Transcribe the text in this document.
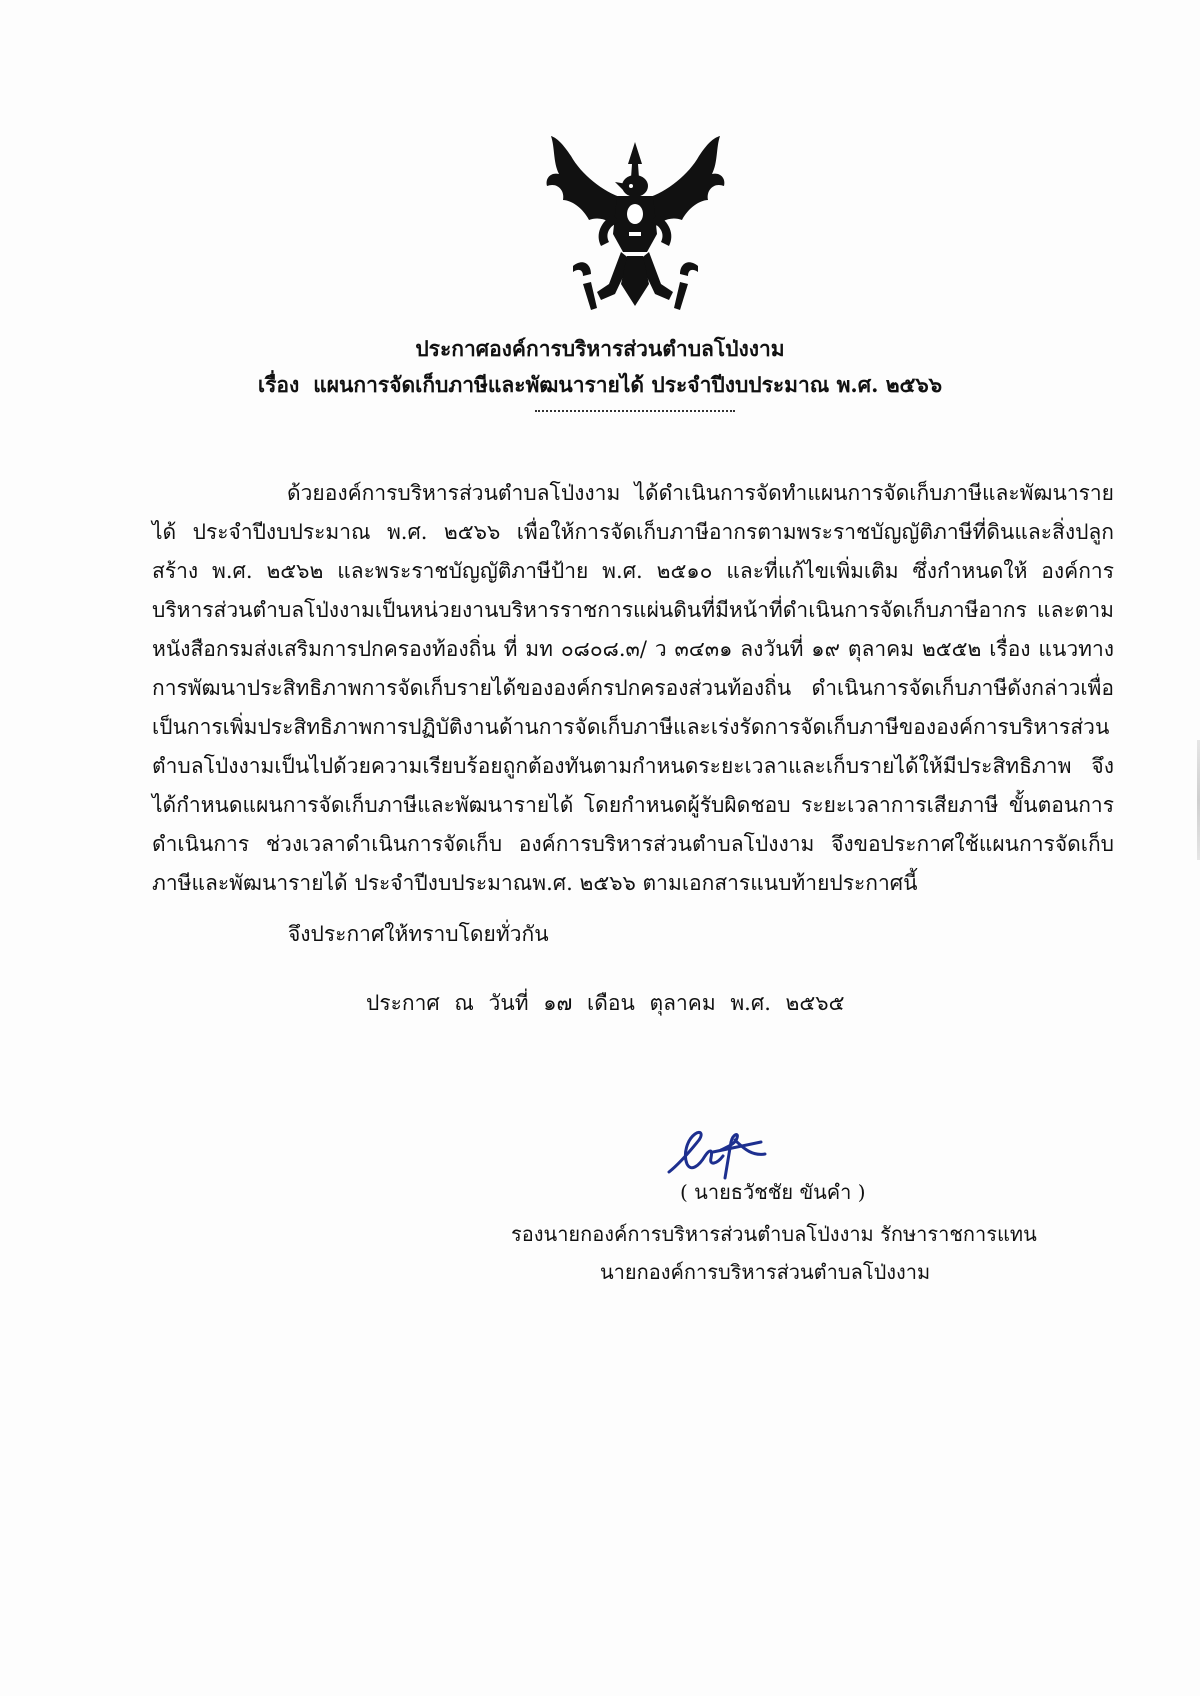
ประกาศองค์การบริหารส่วนตำบลโป่งงาม
เรื่อง แผนการจัดเก็บภาษีและพัฒนารายได้ ประจำปีงบประมาณ พ.ศ. ๒๕๖๖
ด้วยองค์การบริหารส่วนตำบลโป่งงาม ได้ดำเนินการจัดทำแผนการจัดเก็บภาษีและพัฒนารายได้ ประจำปีงบประมาณ พ.ศ. ๒๕๖๖ เพื่อให้การจัดเก็บภาษีอากรตามพระราชบัญญัติภาษีที่ดินและสิ่งปลูกสร้าง พ.ศ. ๒๕๖๒ และพระราชบัญญัติภาษีป้าย พ.ศ. ๒๕๑๐ และที่แก้ไขเพิ่มเติม ซึ่งกำหนดให้ องค์การบริหารส่วนตำบลโป่งงามเป็นหน่วยงานบริหารราชการแผ่นดินที่มีหน้าที่ดำเนินการจัดเก็บภาษีอากร และตามหนังสือกรมส่งเสริมการปกครองท้องถิ่น ที่ มท ๐๘๐๘.๓/ ว ๓๔๓๑ ลงวันที่ ๑๙ ตุลาคม ๒๕๕๒ เรื่อง แนวทางการพัฒนาประสิทธิภาพการจัดเก็บรายได้ขององค์กรปกครองส่วนท้องถิ่น ดำเนินการจัดเก็บภาษีดังกล่าวเพื่อเป็นการเพิ่มประสิทธิภาพการปฏิบัติงานด้านการจัดเก็บภาษีและเร่งรัดการจัดเก็บภาษีขององค์การบริหารส่วนตำบลโป่งงามเป็นไปด้วยความเรียบร้อยถูกต้องทันตามกำหนดระยะเวลาและเก็บรายได้ให้มีประสิทธิภาพ จึงได้กำหนดแผนการจัดเก็บภาษีและพัฒนารายได้ โดยกำหนดผู้รับผิดชอบ ระยะเวลาการเสียภาษี ขั้นตอนการดำเนินการ ช่วงเวลาดำเนินการจัดเก็บ องค์การบริหารส่วนตำบลโป่งงาม จึงขอประกาศใช้แผนการจัดเก็บภาษีและพัฒนารายได้ ประจำปีงบประมาณพ.ศ. ๒๕๖๖ ตามเอกสารแนบท้ายประกาศนี้
จึงประกาศให้ทราบโดยทั่วกัน
ประกาศ ณ วันที่ ๑๗ เดือน ตุลาคม พ.ศ. ๒๕๖๕
( นายธวัชชัย ขันคำ )
รองนายกองค์การบริหารส่วนตำบลโป่งงาม รักษาราชการแทน
นายกองค์การบริหารส่วนตำบลโป่งงาม
